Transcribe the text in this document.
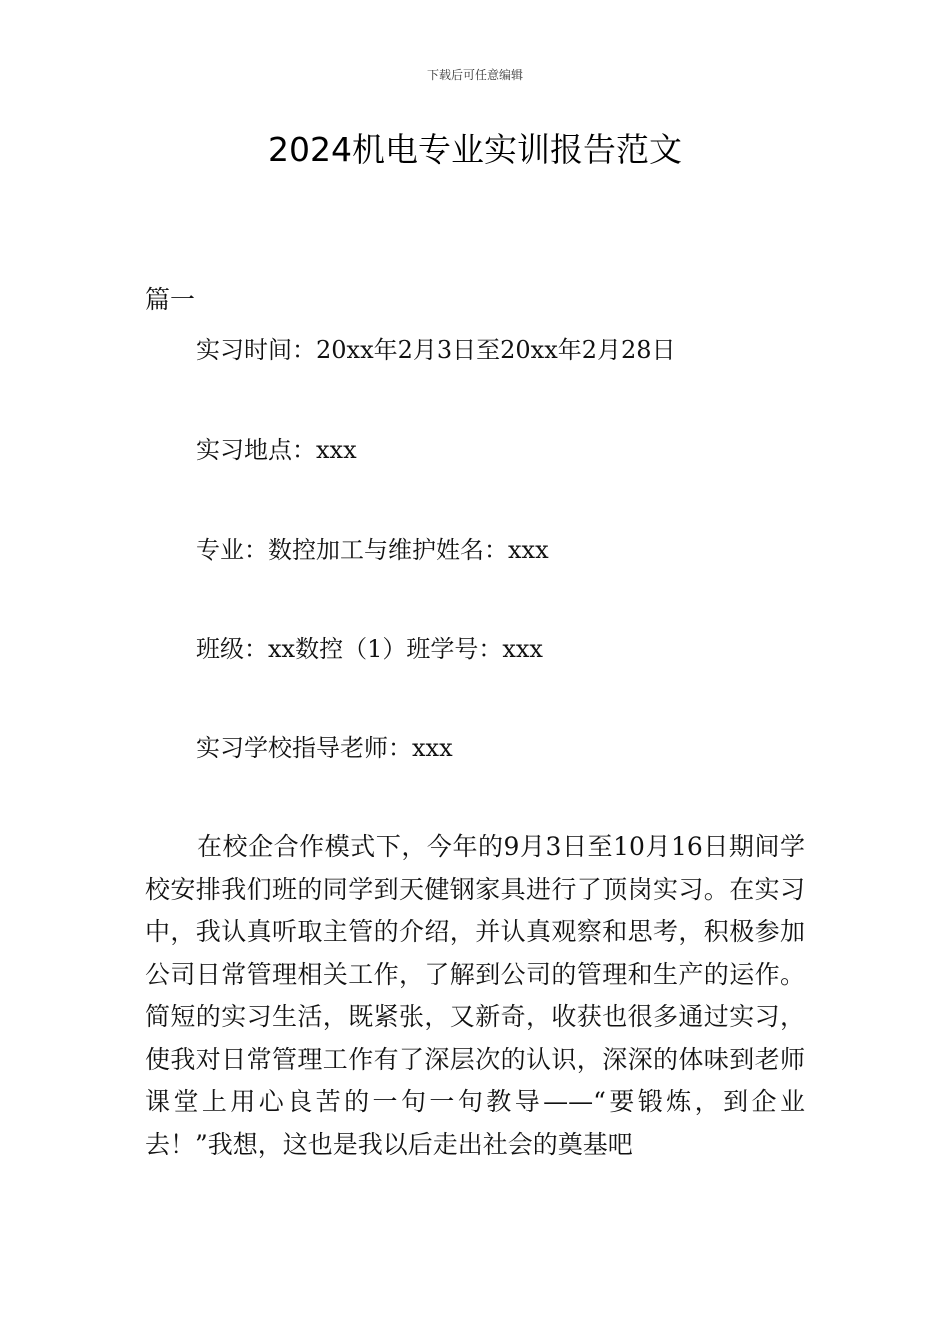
下载后可任意编辑
2024机电专业实训报告范文
篇一
实习时间：20xx年2月3日至20xx年2月28日
实习地点：xxx
专业：数控加工与维护姓名：xxx
班级：xx数控（1）班学号：xxx
实习学校指导老师：xxx

在校企合作模式下，今年的9月3日至10月16日期间学校安排我们班的同学到天健钢家具进行了顶岗实习。在实习中，我认真听取主管的介绍，并认真观察和思考，积极参加公司日常管理相关工作，了解到公司的管理和生产的运作。简短的实习生活，既紧张，又新奇，收获也很多通过实习，使我对日常管理工作有了深层次的认识，深深的体味到老师课堂上用心良苦的一句一句教导——“要锻炼，到企业去！”我想，这也是我以后走出社会的奠基吧
